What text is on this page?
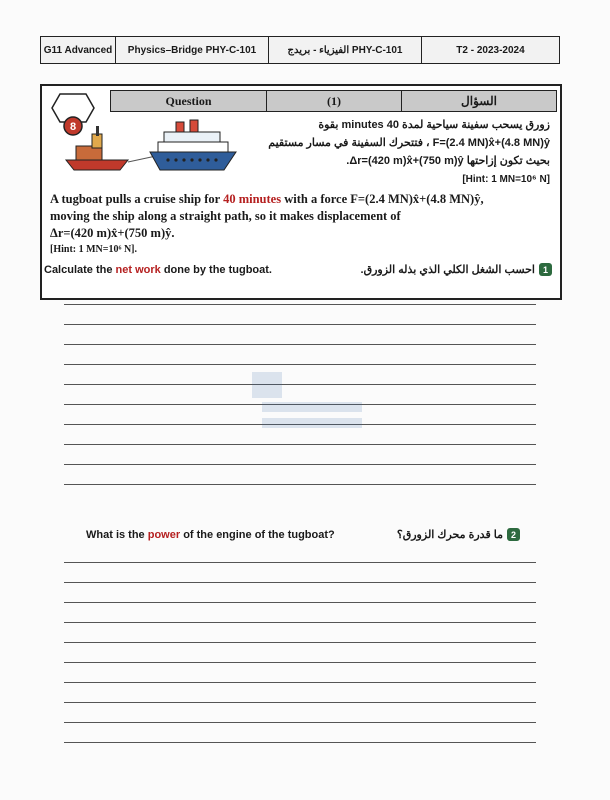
G11 Advanced	Physics–Bridge PHY-C-101	الفيزياء - بريدج PHY-C-101	T2 - 2023-2024
Question	(1)	السؤال
8	زورق يسحب سفينة سياحية لمدة 40 minutes بقوة
F=(2.4 MN)x̂+(4.8 MN)ŷ ، فتتحرك السفينة في مسار مستقيم
بحيث تكون إزاحتها Δr=(420 m)x̂+(750 m)ŷ.
[Hint: 1 MN=10⁶ N]
A tugboat pulls a cruise ship for 40 minutes with a force F=(2.4 MN)x̂+(4.8 MN)ŷ,
moving the ship along a straight path, so it makes displacement of
Δr=(420 m)x̂+(750 m)ŷ.
[Hint: 1 MN=10⁶ N].
Calculate the net work done by the tugboat.	1
احسب الشغل الكلي الذي بذله الزورق.
What is the power of the engine of the tugboat?	2
ما قدرة محرك الزورق؟
